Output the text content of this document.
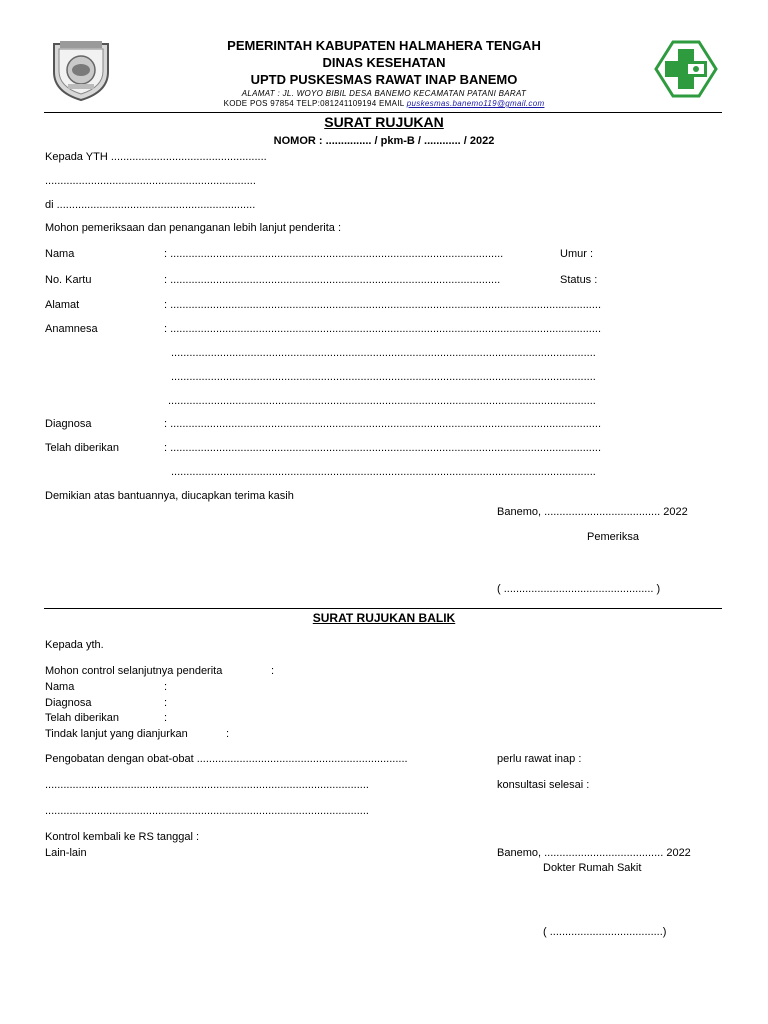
PEMERINTAH KABUPATEN HALMAHERA TENGAH
DINAS KESEHATAN
UPTD PUSKESMAS RAWAT INAP BANEMO
ALAMAT : JL. WOYO BIBIL DESA BANEMO KECAMATAN PATANI BARAT
KODE POS 97854 TELP:081241109194 EMAIL puskesmas.banemo119@gmail.com
SURAT RUJUKAN
NOMOR : ............... / pkm-B / ............ / 2022
Kepada YTH ...................................................
.....................................................................
di .................................................................
Mohon pemeriksaan dan penanganan lebih lanjut penderita :
Nama	: .............................................................................................................	Umur :
No. Kartu	: ............................................................................................................	Status :
Alamat	: .............................................................................................................................................
Anamnesa	: .............................................................................................................................................
...........................................................................................................................................
...........................................................................................................................................
............................................................................................................................................
Diagnosa	: .............................................................................................................................................
Telah diberikan	: .............................................................................................................................................
...........................................................................................................................................
Demikian atas bantuannya, diucapkan terima kasih
Banemo, ...................................... 2022
Pemeriksa
( ................................................. )
SURAT RUJUKAN BALIK
Kepada yth.
Mohon control selanjutnya penderita	:
Nama	:
Diagnosa	:
Telah diberikan	:
Tindak lanjut yang dianjurkan	:
Pengobatan dengan obat-obat .....................................................................
..........................................................................................................
..........................................................................................................
perlu rawat inap :
konsultasi selesai :
Kontrol kembali ke RS tanggal :
Lain-lain	Banemo, ....................................... 2022
Dokter Rumah Sakit
( .....................................)
